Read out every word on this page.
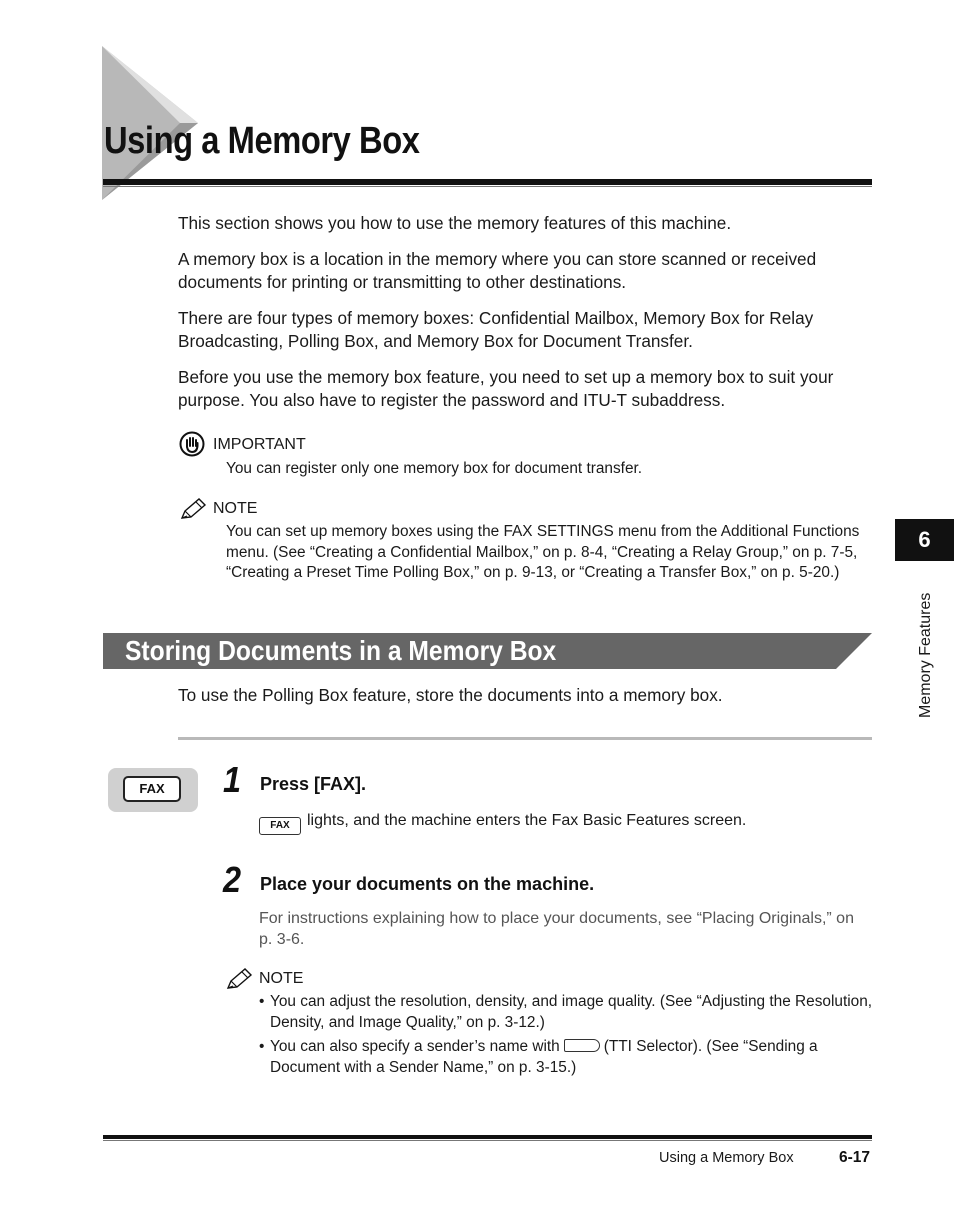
Using a Memory Box

This section shows you how to use the memory features of this machine.

A memory box is a location in the memory where you can store scanned or received documents for printing or transmitting to other destinations.

There are four types of memory boxes: Confidential Mailbox, Memory Box for Relay Broadcasting, Polling Box, and Memory Box for Document Transfer.

Before you use the memory box feature, you need to set up a memory box to suit your purpose. You also have to register the password and ITU-T subaddress.

IMPORTANT

You can register only one memory box for document transfer.

NOTE

You can set up memory boxes using the FAX SETTINGS menu from the Additional Functions menu. (See “Creating a Confidential Mailbox,” on p. 8-4, “Creating a Relay Group,” on p. 7-5, “Creating a Preset Time Polling Box,” on p. 9-13, or “Creating a Transfer Box,” on p. 5-20.)

Storing Documents in a Memory Box

To use the Polling Box feature, store the documents into a memory box.

FAX	1 Press [FAX].

FAX lights, and the machine enters the Fax Basic Features screen.

2 Place your documents on the machine.

For instructions explaining how to place your documents, see “Placing Originals,” on p. 3-6.

NOTE

• You can adjust the resolution, density, and image quality. (See “Adjusting the Resolution, Density, and Image Quality,” on p. 3-12.)

• You can also specify a sender’s name with	(TTI Selector). (See “Sending a Document with a Sender Name,” on p. 3-15.)

6
Memory Features
Using a Memory Box	6-17
